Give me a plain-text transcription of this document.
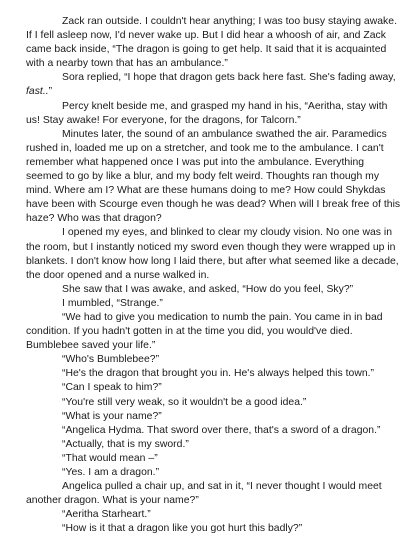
Zack ran outside. I couldn't hear anything; I was too busy staying awake. If I fell asleep now, I'd never wake up. But I did hear a whoosh of air, and Zack came back inside, “The dragon is going to get help. It said that it is acquainted with a nearby town that has an ambulance.”

Sora replied, “I hope that dragon gets back here fast. She's fading away, fast..”

Percy knelt beside me, and grasped my hand in his, “Aeritha, stay with us! Stay awake! For everyone, for the dragons, for Talcorn.”

Minutes later, the sound of an ambulance swathed the air. Paramedics rushed in, loaded me up on a stretcher, and took me to the ambulance. I can't remember what happened once I was put into the ambulance. Everything seemed to go by like a blur, and my body felt weird. Thoughts ran though my mind. Where am I? What are these humans doing to me? How could Shykdas have been with Scourge even though he was dead? When will I break free of this haze? Who was that dragon?

I opened my eyes, and blinked to clear my cloudy vision. No one was in the room, but I instantly noticed my sword even though they were wrapped up in blankets. I don't know how long I laid there, but after what seemed like a decade, the door opened and a nurse walked in.

She saw that I was awake, and asked, “How do you feel, Sky?”

I mumbled, “Strange.”

“We had to give you medication to numb the pain. You came in in bad condition. If you hadn't gotten in at the time you did, you would've died. Bumblebee saved your life.”

“Who's Bumblebee?”

“He's the dragon that brought you in. He's always helped this town.”

“Can I speak to him?”

“You're still very weak, so it wouldn't be a good idea.”

“What is your name?”

“Angelica Hydma. That sword over there, that's a sword of a dragon.”

“Actually, that is my sword.”

“That would mean –”

“Yes. I am a dragon.”

Angelica pulled a chair up, and sat in it, “I never thought I would meet another dragon. What is your name?”

“Aeritha Starheart.”

“How is it that a dragon like you got hurt this badly?”
